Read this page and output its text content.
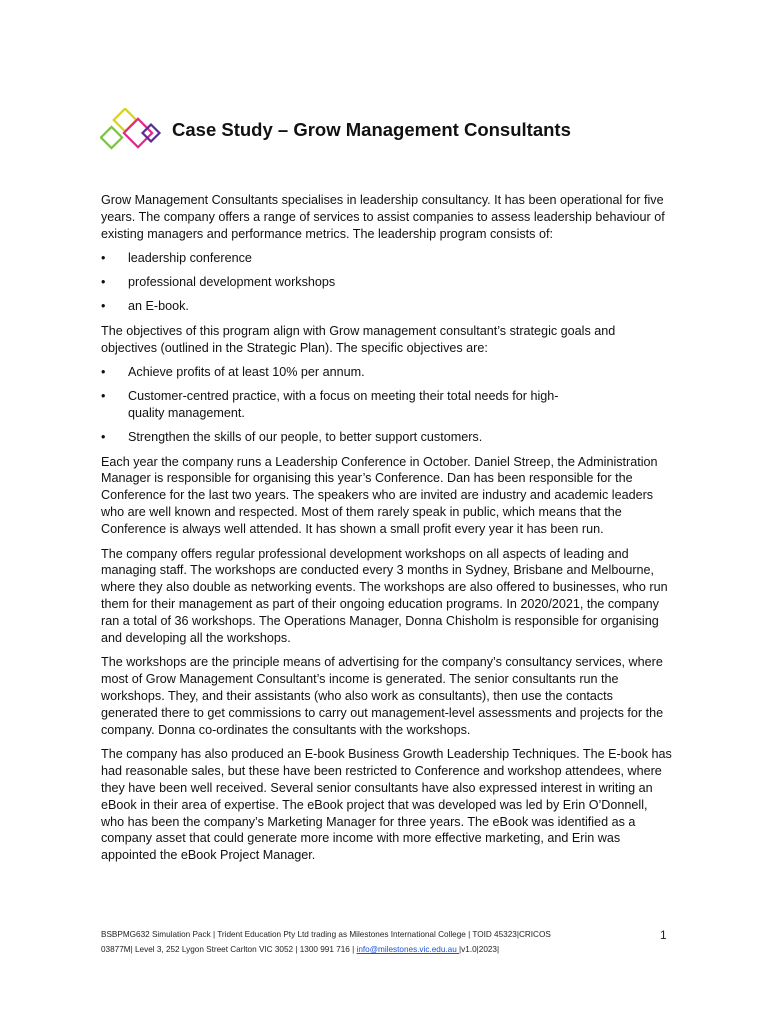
Case Study – Grow Management Consultants

Grow Management Consultants specialises in leadership consultancy. It has been operational for five years. The company offers a range of services to assist companies to assess leadership behaviour of existing managers and performance metrics. The leadership program consists of:

• leadership conference
• professional development workshops
• an E-book.

The objectives of this program align with Grow management consultant’s strategic goals and objectives (outlined in the Strategic Plan). The specific objectives are:

• Achieve profits of at least 10% per annum.
• Customer-centred practice, with a focus on meeting their total needs for high-quality management.
• Strengthen the skills of our people, to better support customers.

Each year the company runs a Leadership Conference in October. Daniel Streep, the Administration Manager is responsible for organising this year’s Conference. Dan has been responsible for the Conference for the last two years. The speakers who are invited are industry and academic leaders who are well known and respected. Most of them rarely speak in public, which means that the Conference is always well attended. It has shown a small profit every year it has been run.

The company offers regular professional development workshops on all aspects of leading and managing staff. The workshops are conducted every 3 months in Sydney, Brisbane and Melbourne, where they also double as networking events. The workshops are also offered to businesses, who run them for their management as part of their ongoing education programs. In 2020/2021, the company ran a total of 36 workshops. The Operations Manager, Donna Chisholm is responsible for organising and developing all the workshops.

The workshops are the principle means of advertising for the company’s consultancy services, where most of Grow Management Consultant’s income is generated. The senior consultants run the workshops. They, and their assistants (who also work as consultants), then use the contacts generated there to get commissions to carry out management-level assessments and projects for the company. Donna co-ordinates the consultants with the workshops.

The company has also produced an E-book Business Growth Leadership Techniques. The E-book has had reasonable sales, but these have been restricted to Conference and workshop attendees, where they have been well received. Several senior consultants have also expressed interest in writing an eBook in their area of expertise. The eBook project that was developed was led by Erin O’Donnell, who has been the company’s Marketing Manager for three years. The eBook was identified as a company asset that could generate more income with more effective marketing, and Erin was appointed the eBook Project Manager.

BSBPMG632 Simulation Pack | Trident Education Pty Ltd trading as Milestones International College | TOID 45323|CRICOS
03877M| Level 3, 252 Lygon Street Carlton VIC 3052 | 1300 991 716 | info@milestones.vic.edu.au |v1.0|2023|
1
